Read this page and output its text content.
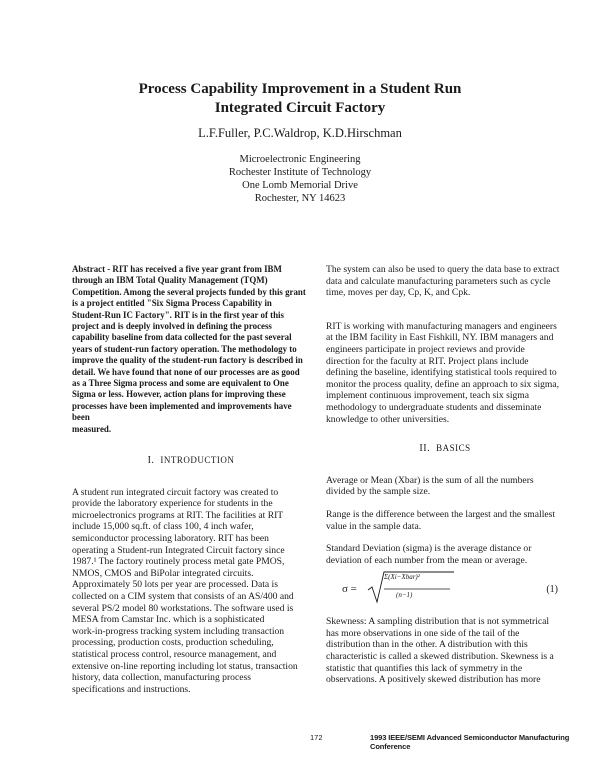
Process Capability Improvement in a Student Run
Integrated Circuit Factory
L.F.Fuller, P.C.Waldrop, K.D.Hirschman
Microelectronic Engineering
Rochester Institute of Technology
One Lomb Memorial Drive
Rochester, NY 14623
Abstract - RIT has received a five year grant from IBM
through an IBM Total Quality Management (TQM)
Competition. Among the several projects funded by this grant
is a project entitled "Six Sigma Process Capability in
Student-Run IC Factory". RIT is in the first year of this
project and is deeply involved in defining the process
capability baseline from data collected for the past several
years of student-run factory operation. The methodology to
improve the quality of the student-run factory is described in
detail. We have found that none of our processes are as good
as a Three Sigma process and some are equivalent to One
Sigma or less. However, action plans for improving these
processes have been implemented and improvements have been
measured.
I. INTRODUCTION
A student run integrated circuit factory was created to
provide the laboratory experience for students in the
microelectronics programs at RIT. The facilities at RIT
include 15,000 sq.ft. of class 100, 4 inch wafer,
semiconductor processing laboratory. RIT has been
operating a Student-run Integrated Circuit factory since
1987.¹ The factory routinely process metal gate PMOS,
NMOS, CMOS and BiPolar integrated circuits.
Approximately 50 lots per year are processed. Data is
collected on a CIM system that consists of an AS/400 and
several PS/2 model 80 workstations. The software used is
MESA from Camstar Inc. which is a sophisticated
work-in-progress tracking system including transaction
processing, production costs, production scheduling,
statistical process control, resource management, and
extensive on-line reporting including lot status, transaction
history, data collection, manufacturing process
specifications and instructions.
The system can also be used to query the data base to extract
data and calculate manufacturing parameters such as cycle
time, moves per day, Cp, K, and Cpk.
RIT is working with manufacturing managers and engineers
at the IBM facility in East Fishkill, NY. IBM managers and
engineers participate in project reviews and provide
direction for the faculty at RIT. Project plans include
defining the baseline, identifying statistical tools required to
monitor the process quality, define an approach to six sigma,
implement continuous improvement, teach six sigma
methodology to undergraduate students and disseminate
knowledge to other universities.
II. BASICS
Average or Mean (Xbar) is the sum of all the numbers
divided by the sample size.
Range is the difference between the largest and the smallest
value in the sample data.
Standard Deviation (sigma) is the average distance or
deviation of each number from the mean or average.
σ =
Σ(Xi−Xbar)²
(n−1)	(1)
Skewness: A sampling distribution that is not symmetrical
has more observations in one side of the tail of the
distribution than in the other. A distribution with this
characteristic is called a skewed distribution. Skewness is a
statistic that quantifies this lack of symmetry in the
observations. A positively skewed distribution has more
172	1993 IEEE/SEMI Advanced Semiconductor Manufacturing Conference
